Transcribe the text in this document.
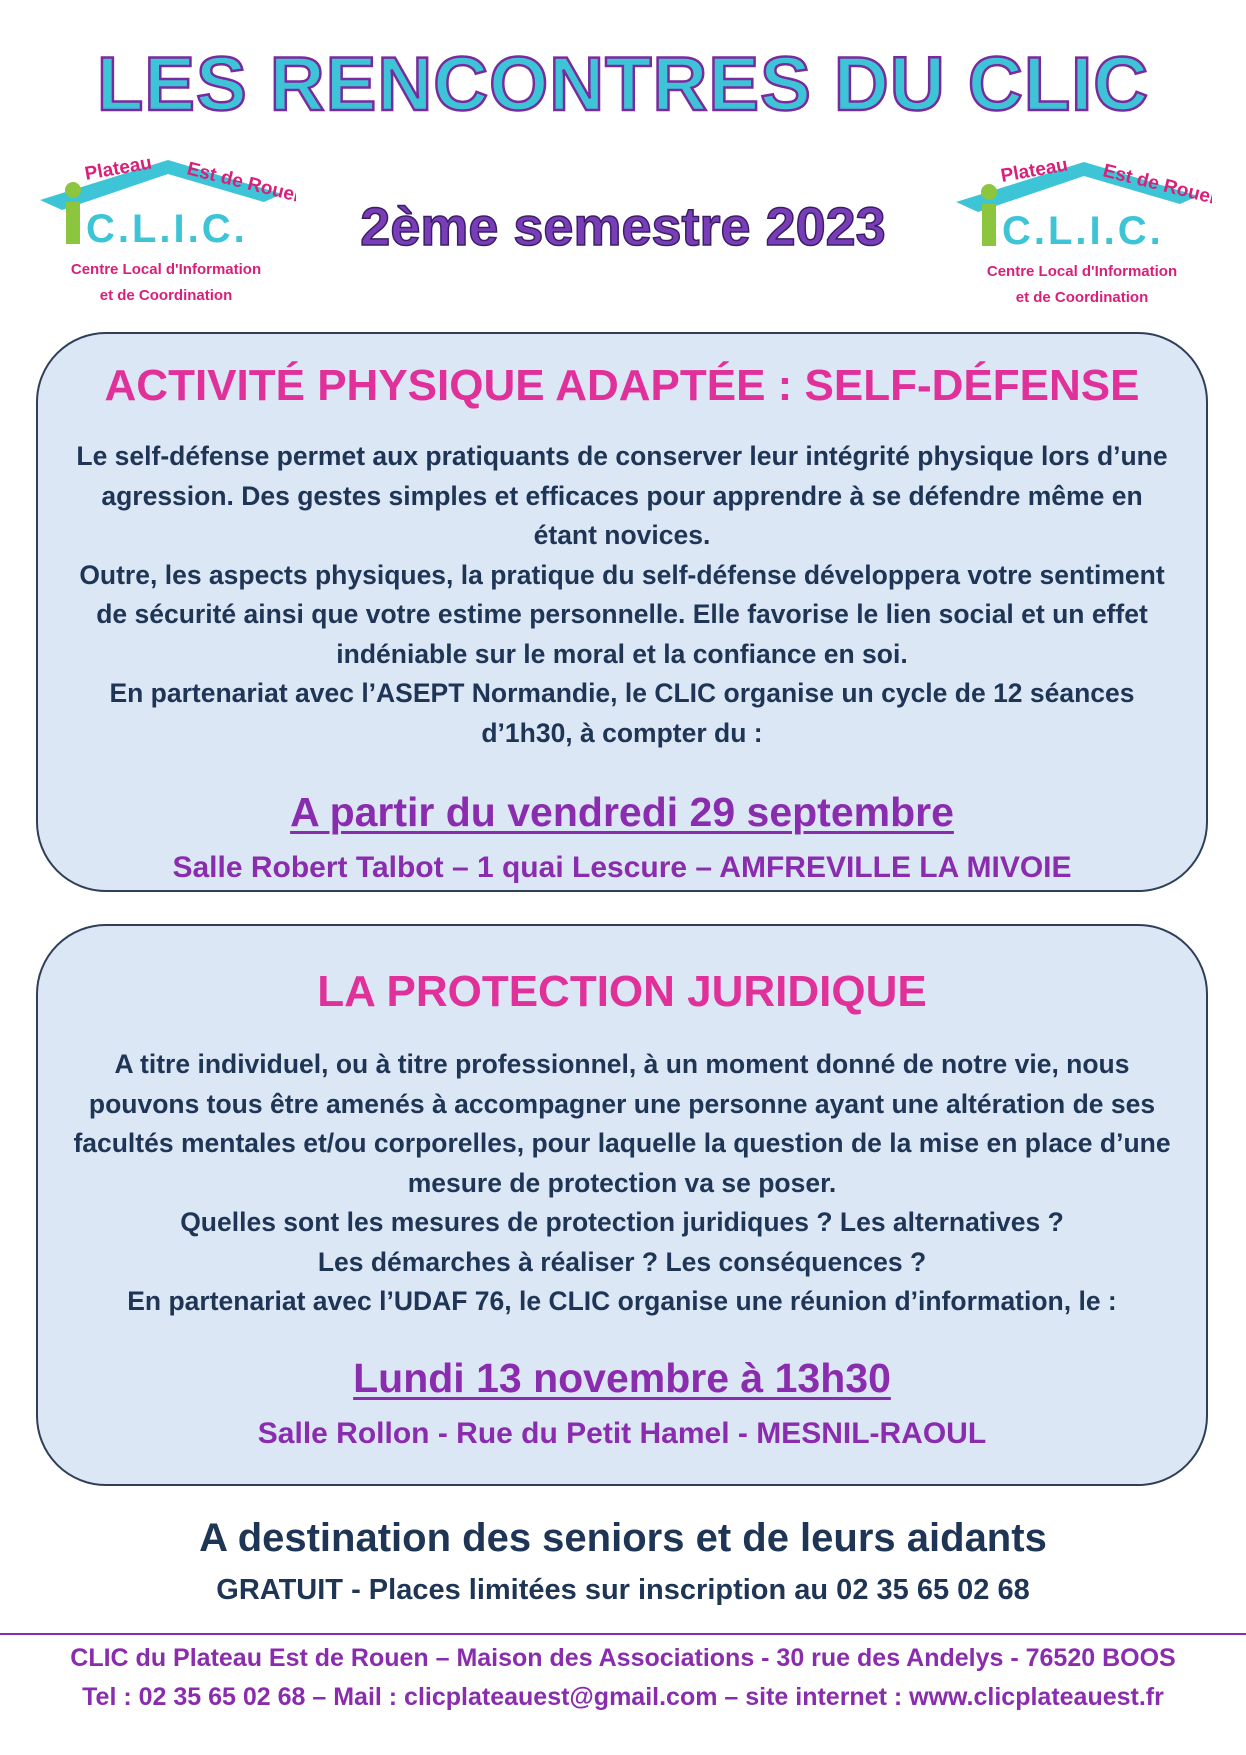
LES RENCONTRES DU CLIC
Plateau Est de Rouen
C.L.I.C.
Centre Local d'Information
et de Coordination
2ème semestre 2023
Plateau Est de Rouen
C.L.I.C.
Centre Local d'Information
et de Coordination
ACTIVITÉ PHYSIQUE ADAPTÉE : SELF-DÉFENSE

Le self-défense permet aux pratiquants de conserver leur intégrité physique lors d’une agression. Des gestes simples et efficaces pour apprendre à se défendre même en étant novices.

Outre, les aspects physiques, la pratique du self-défense développera votre sentiment de sécurité ainsi que votre estime personnelle. Elle favorise le lien social et un effet indéniable sur le moral et la confiance en soi.

En partenariat avec l’ASEPT Normandie, le CLIC organise un cycle de 12 séances d’1h30, à compter du :

A partir du vendredi 29 septembre
Salle Robert Talbot – 1 quai Lescure – AMFREVILLE LA MIVOIE
LA PROTECTION JURIDIQUE

A titre individuel, ou à titre professionnel, à un moment donné de notre vie, nous pouvons tous être amenés à accompagner une personne ayant une altération de ses facultés mentales et/ou corporelles, pour laquelle la question de la mise en place d’une mesure de protection va se poser.

Quelles sont les mesures de protection juridiques ? Les alternatives ?

Les démarches à réaliser ? Les conséquences ?

En partenariat avec l’UDAF 76, le CLIC organise une réunion d’information, le :

Lundi 13 novembre à 13h30
Salle Rollon - Rue du Petit Hamel - MESNIL-RAOUL
A destination des seniors et de leurs aidants
GRATUIT - Places limitées sur inscription au 02 35 65 02 68
CLIC du Plateau Est de Rouen – Maison des Associations - 30 rue des Andelys - 76520 BOOS
Tel : 02 35 65 02 68 – Mail : clicplateauest@gmail.com – site internet : www.clicplateauest.fr
